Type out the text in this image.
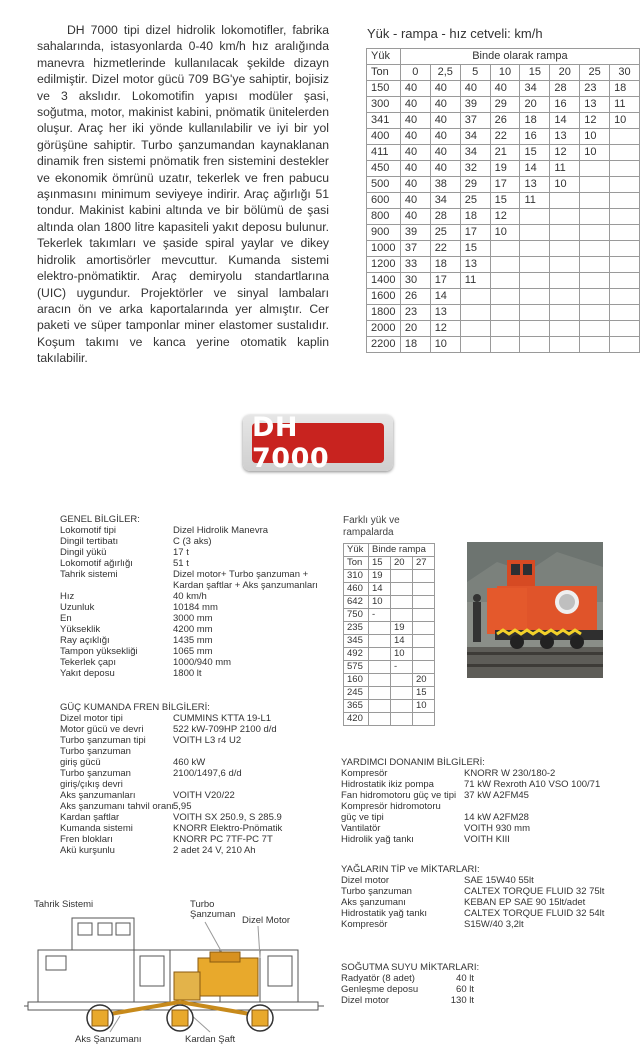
DH 7000 tipi dizel hidrolik lokomotifler, fabrika sahalarında, istasyonlarda 0-40 km/h hız aralığında manevra hizmetlerinde kullanılacak şekilde dizayn edilmiştir. Dizel motor gücü 709 BG'ye sahiptir, bojisiz ve 3 akslıdır. Lokomotifin yapısı modüler şasi, soğutma, motor, makinist kabini, pnömatik ünitelerden oluşur. Araç her iki yönde kullanılabilir ve iyi bir yol görüşüne sahiptir. Turbo şanzumandan kaynaklanan dinamik fren sistemi pnömatik fren sistemini destekler ve ekonomik ömrünü uzatır, tekerlek ve fren pabucu aşınmasını minimum seviyeye indirir. Araç ağırlığı 51 tondur. Makinist kabini altında ve bir bölümü de şasi altında olan 1800 litre kapasiteli yakıt deposu bulunur. Tekerlek takımları ve şaside spiral yaylar ve dikey hidrolik amortisörler mevcuttur. Kumanda sistemi elektro-pnömatiktir. Araç demiryolu standartlarına (UIC) uygundur. Projektörler ve sinyal lambaları aracın ön ve arka kaportalarında yer almıştır. Cer paketi ve süper tamponlar miner elastomer sustalıdır. Koşum takımı ve kanca yerine otomatik kaplin takılabilir.
Yük - rampa - hız cetveli: km/h
Yük	Binde olarak rampa							
Ton	0	2,5	5	10	15	20	25	30
150	40	40	40	40	34	28	23	18
300	40	40	39	29	20	16	13	11
341	40	40	37	26	18	14	12	10
400	40	40	34	22	16	13	10	
411	40	40	34	21	15	12	10	
450	40	40	32	19	14	11		
500	40	38	29	17	13	10		
600	40	34	25	15	11			
800	40	28	18	12				
900	39	25	17	10				
1000	37	22	15					
1200	33	18	13					
1400	30	17	11					
1600	26	14						
1800	23	13						
2000	20	12						
2200	18	10						
DH 7000
GENEL BİLGİLER:
Lokomotif tipi	Dizel Hidrolik Manevra
Dingil tertibatı	C (3 aks)
Dingil yükü	17 t
Lokomotif ağırlığı	51 t
Tahrik sistemi	Dizel motor+ Turbo şanzuman +
Kardan şaftlar + Aks şanzumanları
Hız	40 km/h
Uzunluk	10184 mm
En	3000 mm
Yükseklik	4200 mm
Ray açıklığı	1435 mm
Tampon yüksekliği	1065 mm
Tekerlek çapı	1000/940 mm
Yakıt deposu	1800 lt
GÜÇ KUMANDA FREN BİLGİLERİ:
Dizel motor tipi	CUMMINS KTTA 19-L1
Motor gücü ve devri	522 kW-709HP 2100 d/d
Turbo şanzuman tipi	VOITH L3 r4 U2
Turbo şanzuman
giriş gücü	460 kW
Turbo şanzuman	2100/1497,6 d/d
giriş/çıkış devri
Aks şanzumanları	VOITH V20/22
Aks şanzumanı tahvil oranı
5,95
Kardan şaftlar	VOITH SX 250.9, S 285.9
Kumanda sistemi	KNORR Elektro-Pnömatik
Fren blokları	KNORR PC 7TF-PC 7T
Akü kurşunlu	2 adet 24 V, 210 Ah
Farklı yük ve rampalarda
Yük	Binde rampa		
Ton	15	20	27
310	19		
460	14		
642	10		
750	-		
235		19	
345		14	
492		10	
575		-	
160			20
245			15
365			10
420			
YARDIMCI DONANIM BİLGİLERİ:
Kompresör	KNORR W 230/180-2
Hidrostatik ikiz pompa	71 kW Rexroth A10 VSO 100/71
Fan hidromotoru güç ve tipi 37 kW A2FM45
Kompresör hidromotoru
güç ve tipi	14 kW A2FM28
Vantilatör	VOITH 930 mm
Hidrolik yağ tankı	VOITH KIII
YAĞLARIN TİP ve MİKTARLARI:
Dizel motor	SAE 15W40 55lt
Turbo şanzuman	CALTEX TORQUE FLUID 32 75lt
Aks şanzumanı	KEBAN EP SAE 90 15lt/adet
Hidrostatik yağ tankı	CALTEX TORQUE FLUID 32 54lt
Kompresör	S15W/40 3,2lt
SOĞUTMA SUYU MİKTARLARI:
Radyatör (8 adet)	40 lt
Genleşme deposu	60 lt
Dizel motor	130 lt
Tahrik Sistemi	Turbo
Şanzuman
Dizel Motor
Aks Şanzumanı	Kardan Şaft
